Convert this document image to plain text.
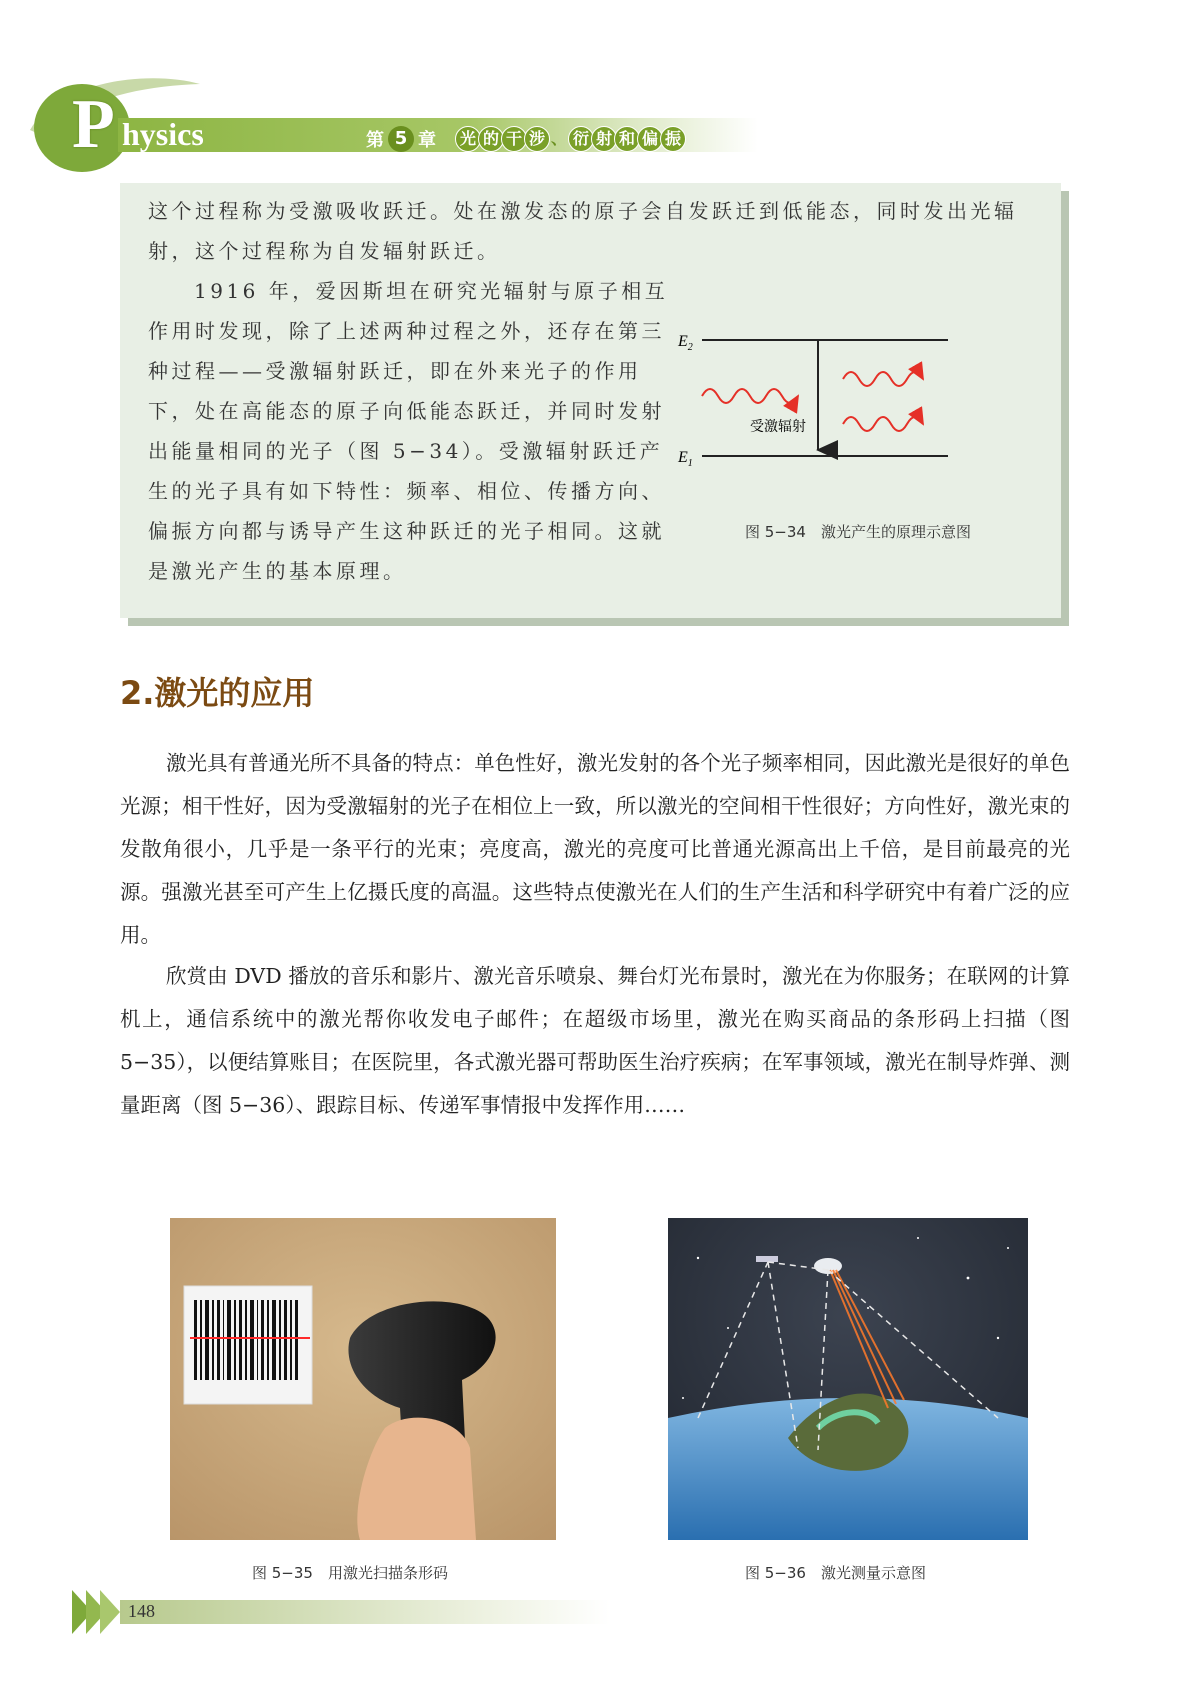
P hysics	第 5 章 光 的 干 涉 、 衍 射 和 偏 振

这个过程称为受激吸收跃迁。处在激发态的原子会自发跃迁到低能态，同时发出光辐射，这个过程称为自发辐射跃迁。

1916 年，爱因斯坦在研究光辐射与原子相互作用时发现，除了上述两种过程之外，还存在第三种过程——受激辐射跃迁，即在外来光子的作用下，处在高能态的原子向低能态跃迁，并同时发射出能量相同的光子（图 5−34）。受激辐射跃迁产生的光子具有如下特性：频率、相位、传播方向、偏振方向都与诱导产生这种跃迁的光子相同。这就是激光产生的基本原理。

$E_2$
$E_1$
受激辐射
图 5−34　激光产生的原理示意图
2.激光的应用

激光具有普通光所不具备的特点：单色性好，激光发射的各个光子频率相同，因此激光是很好的单色光源；相干性好，因为受激辐射的光子在相位上一致，所以激光的空间相干性很好；方向性好，激光束的发散角很小，几乎是一条平行的光束；亮度高，激光的亮度可比普通光源高出上千倍，是目前最亮的光源。强激光甚至可产生上亿摄氏度的高温。这些特点使激光在人们的生产生活和科学研究中有着广泛的应用。

欣赏由 DVD 播放的音乐和影片、激光音乐喷泉、舞台灯光布景时，激光在为你服务；在联网的计算机上，通信系统中的激光帮你收发电子邮件；在超级市场里，激光在购买商品的条形码上扫描（图 5−35），以便结算账目；在医院里，各式激光器可帮助医生治疗疾病；在军事领域，激光在制导炸弹、测量距离（图 5−36）、跟踪目标、传递军事情报中发挥作用……

图 5−35　用激光扫描条形码	图 5−36　激光测量示意图
148
